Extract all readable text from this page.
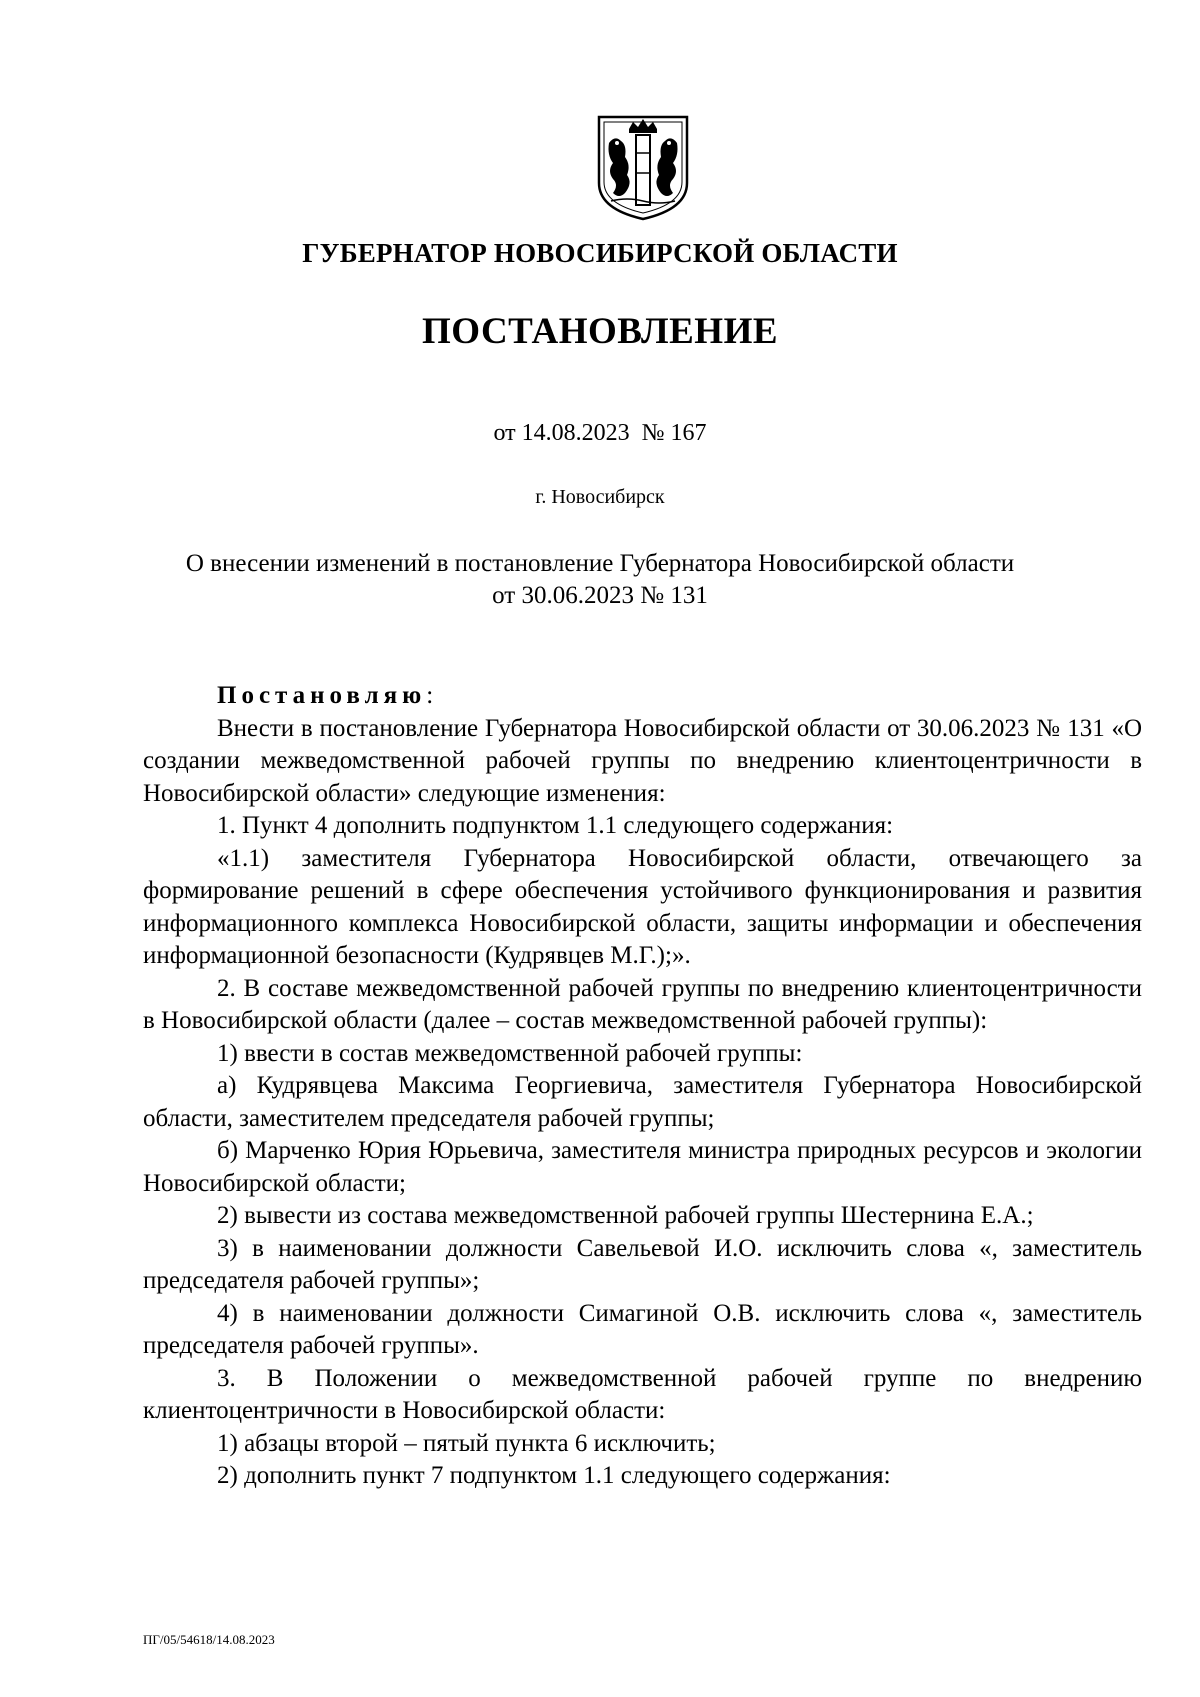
ГУБЕРНАТОР НОВОСИБИРСКОЙ ОБЛАСТИ
ПОСТАНОВЛЕНИЕ
от 14.08.2023  № 167
г. Новосибирск
О внесении изменений в постановление Губернатора Новосибирской области
от 30.06.2023 № 131

Постановляю:

Внести в постановление Губернатора Новосибирской области от 30.06.2023 № 131 «О создании межведомственной рабочей группы по внедрению клиентоцентричности в Новосибирской области» следующие изменения:

1. Пункт 4 дополнить подпунктом 1.1 следующего содержания:

«1.1) заместителя Губернатора Новосибирской области, отвечающего за формирование решений в сфере обеспечения устойчивого функционирования и развития информационного комплекса Новосибирской области, защиты информации и обеспечения информационной безопасности (Кудрявцев М.Г.);».

2. В составе межведомственной рабочей группы по внедрению клиентоцентричности в Новосибирской области (далее – состав межведомственной рабочей группы):

1) ввести в состав межведомственной рабочей группы:

а) Кудрявцева Максима Георгиевича, заместителя Губернатора Новосибирской области, заместителем председателя рабочей группы;

б) Марченко Юрия Юрьевича, заместителя министра природных ресурсов и экологии Новосибирской области;

2) вывести из состава межведомственной рабочей группы Шестернина Е.А.;

3) в наименовании должности Савельевой И.О. исключить слова «, заместитель председателя рабочей группы»;

4) в наименовании должности Симагиной О.В. исключить слова «, заместитель председателя рабочей группы».

3. В Положении о межведомственной рабочей группе по внедрению клиентоцентричности в Новосибирской области:

1) абзацы второй – пятый пункта 6 исключить;

2) дополнить пункт 7 подпунктом 1.1 следующего содержания:

ПГ/05/54618/14.08.2023
